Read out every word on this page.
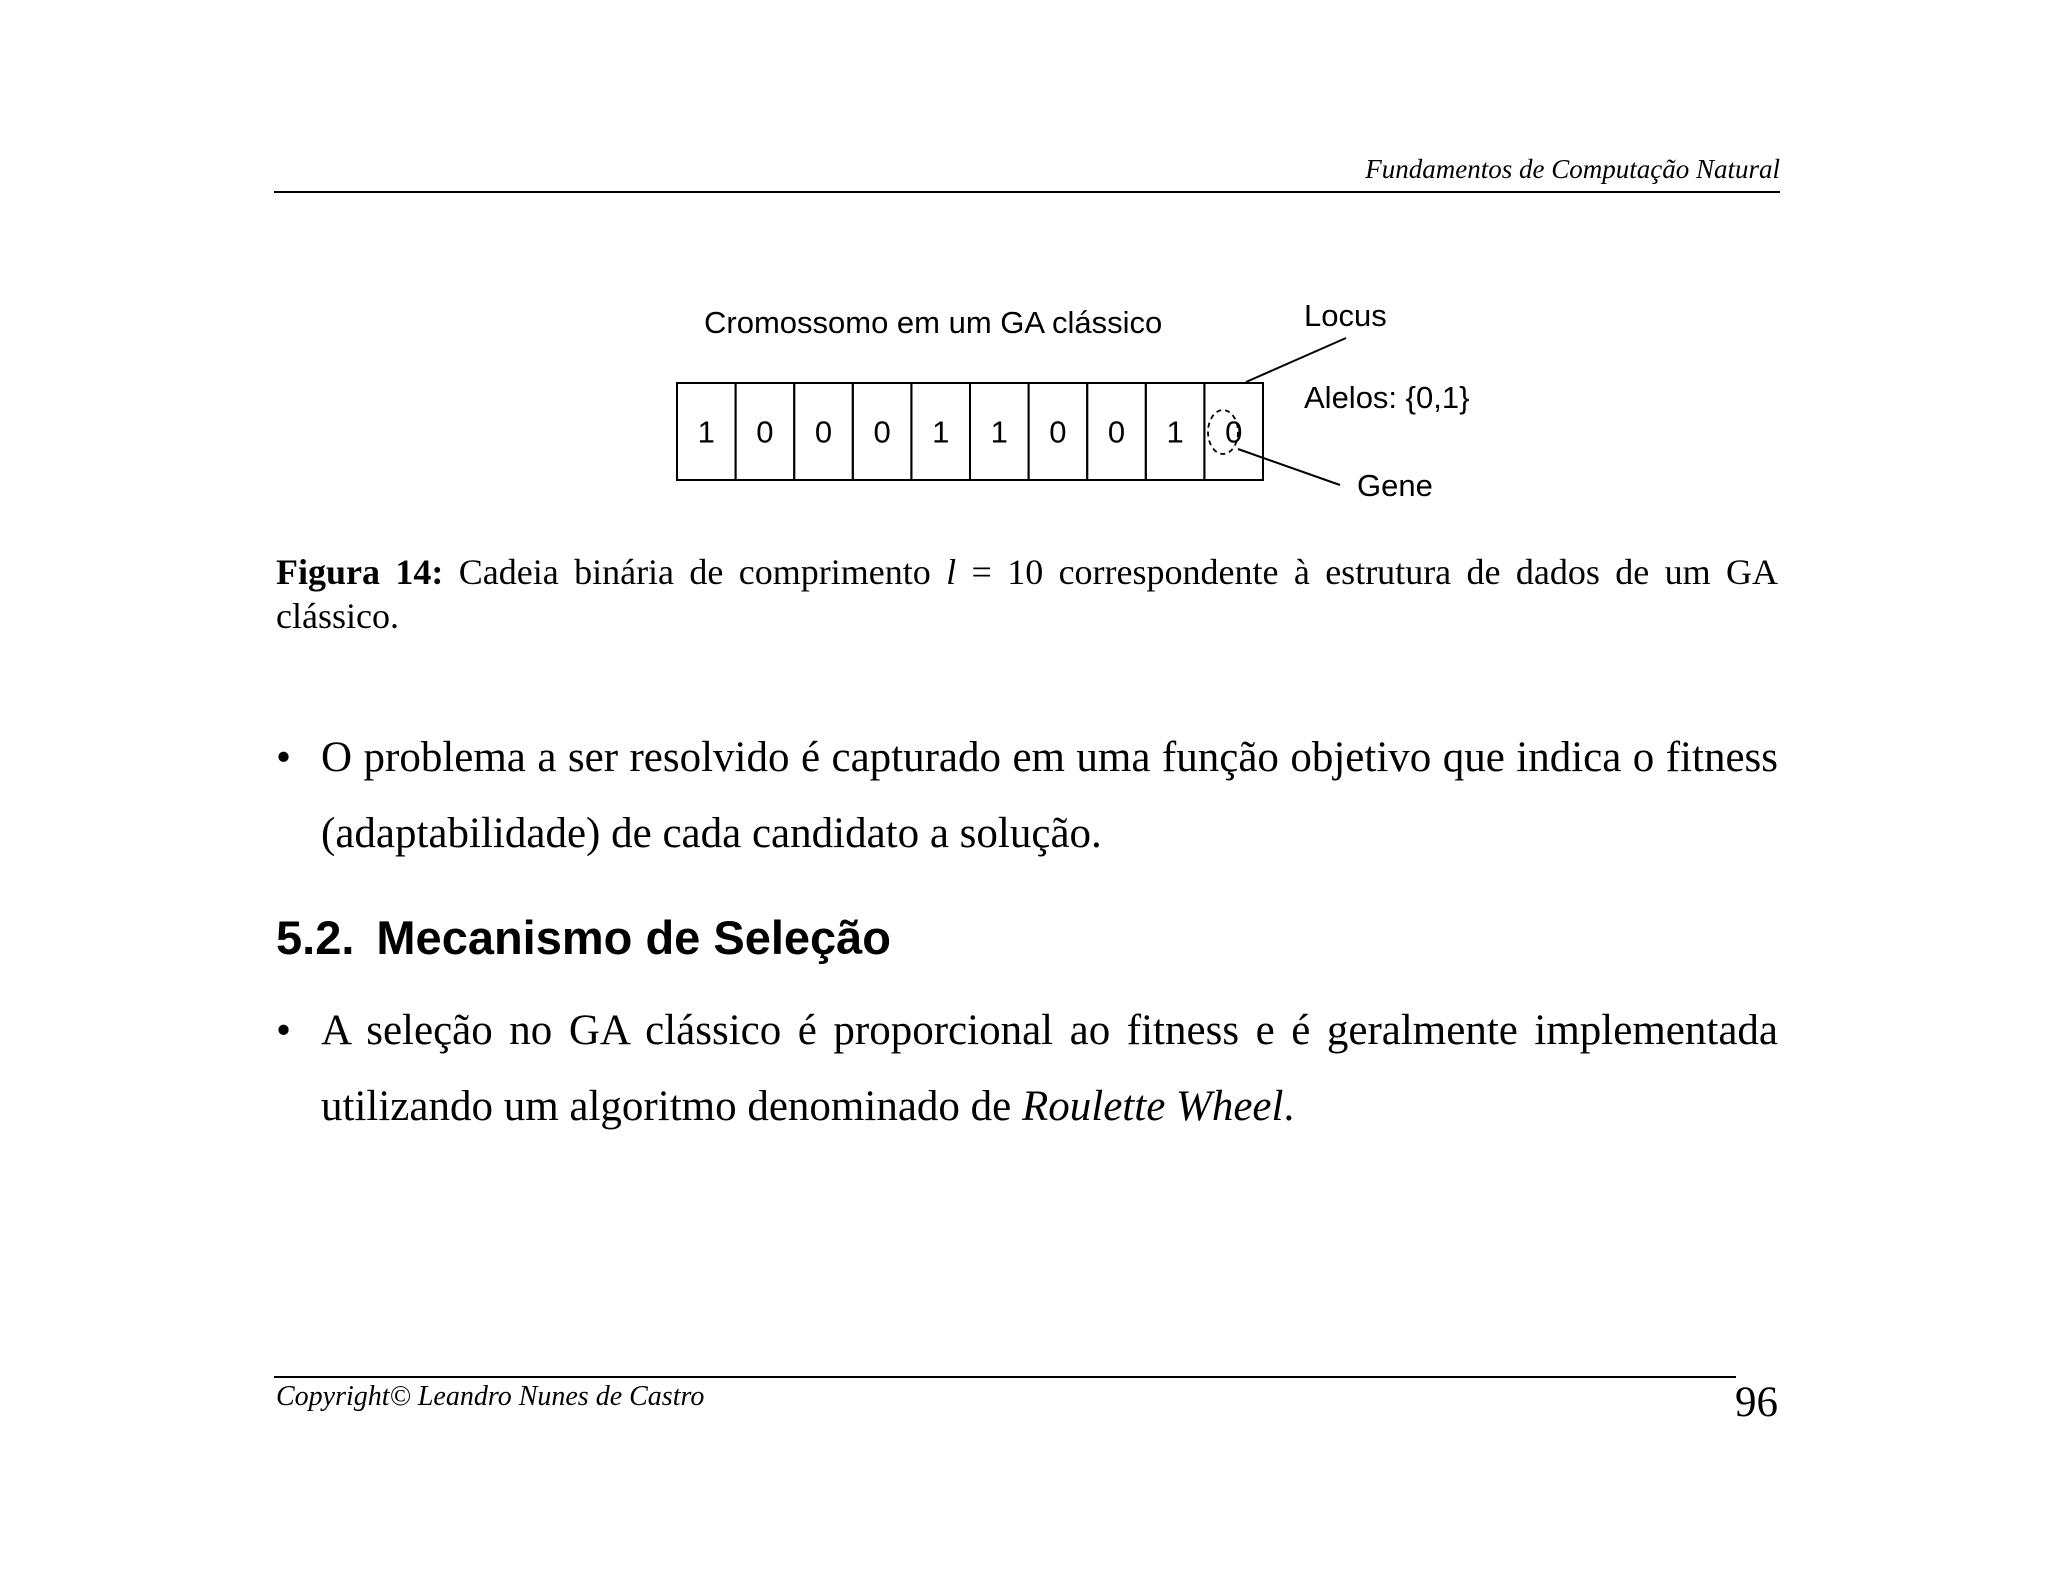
Fundamentos de Computação Natural
Cromossomo em um GA clássico
1 0 0 0 1 1 0 0 1 0
Locus
Alelos: {0,1}
Gene
Figura 14: Cadeia binária de comprimento l = 10 correspondente à estrutura de dados de um GA clássico.
• O problema a ser resolvido é capturado em uma função objetivo que indica o fitness (adaptabilidade) de cada candidato a solução.
5.2. Mecanismo de Seleção
• A seleção no GA clássico é proporcional ao fitness e é geralmente implementada utilizando um algoritmo denominado de Roulette Wheel.
Copyright© Leandro Nunes de Castro	96
